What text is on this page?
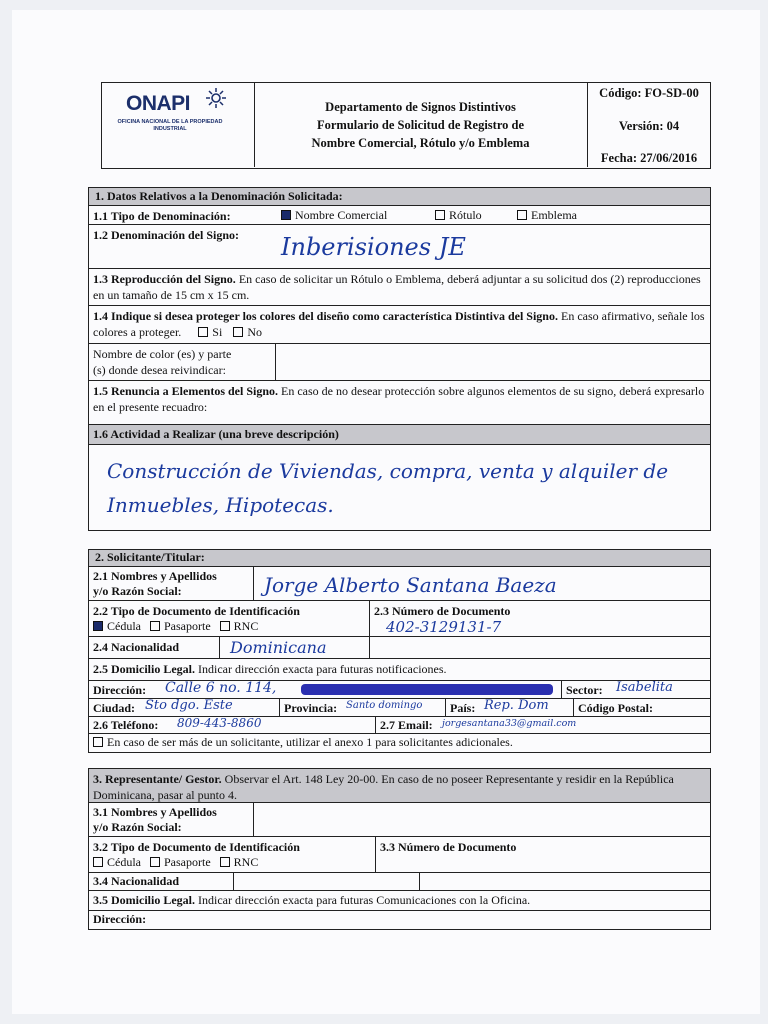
ONAPI
OFICINA NACIONAL DE LA PROPIEDAD INDUSTRIAL
Departamento de Signos Distintivos
Formulario de Solicitud de Registro de
Nombre Comercial, Rótulo y/o Emblema
Código: FO-SD-00
Versión: 04
Fecha: 27/06/2016
1. Datos Relativos a la Denominación Solicitada:
1.1 Tipo de Denominación:	Nombre Comercial	Rótulo	Emblema
1.2 Denominación del Signo: Inberisiones JE
1.3 Reproducción del Signo. En caso de solicitar un Rótulo o Emblema, deberá adjuntar a su solicitud dos (2) reproducciones en un tamaño de 15 cm x 15 cm.
1.4 Indique si desea proteger los colores del diseño como característica Distintiva del Signo. En caso afirmativo, señale los colores a proteger.	Si No
Nombre de color (es) y parte
(s) donde desea reivindicar:
1.5 Renuncia a Elementos del Signo. En caso de no desear protección sobre algunos elementos de su signo, deberá expresarlo en el presente recuadro:
1.6 Actividad a Realizar (una breve descripción)
Construcción de Viviendas, compra, venta y alquiler de
Inmuebles, Hipotecas.
2. Solicitante/Titular:
2.1 Nombres y Apellidos
y/o Razón Social:	Jorge Alberto Santana Baeza
2.2 Tipo de Documento de Identificación
Cédula Pasaporte RNC
2.3 Número de Documento
402-3129131-7
2.4 Nacionalidad	Dominicana
2.5 Domicilio Legal. Indicar dirección exacta para futuras notificaciones.
Dirección: Calle 6 no. 114,	Sector:	Isabelita
Ciudad: Sto dgo. Este	Provincia: Santo domingo	País: Rep. Dom	Código Postal:
2.6 Teléfono:	809-443-8860	2.7 Email: jorgesantana33@gmail.com
En caso de ser más de un solicitante, utilizar el anexo 1 para solicitantes adicionales.
3. Representante/ Gestor. Observar el Art. 148 Ley 20-00. En caso de no poseer Representante y residir en la República Dominicana, pasar al punto 4.
3.1 Nombres y Apellidos
y/o Razón Social:
3.2 Tipo de Documento de Identificación
Cédula Pasaporte RNC
3.3 Número de Documento
3.4 Nacionalidad
3.5 Domicilio Legal. Indicar dirección exacta para futuras Comunicaciones con la Oficina.
Dirección:
